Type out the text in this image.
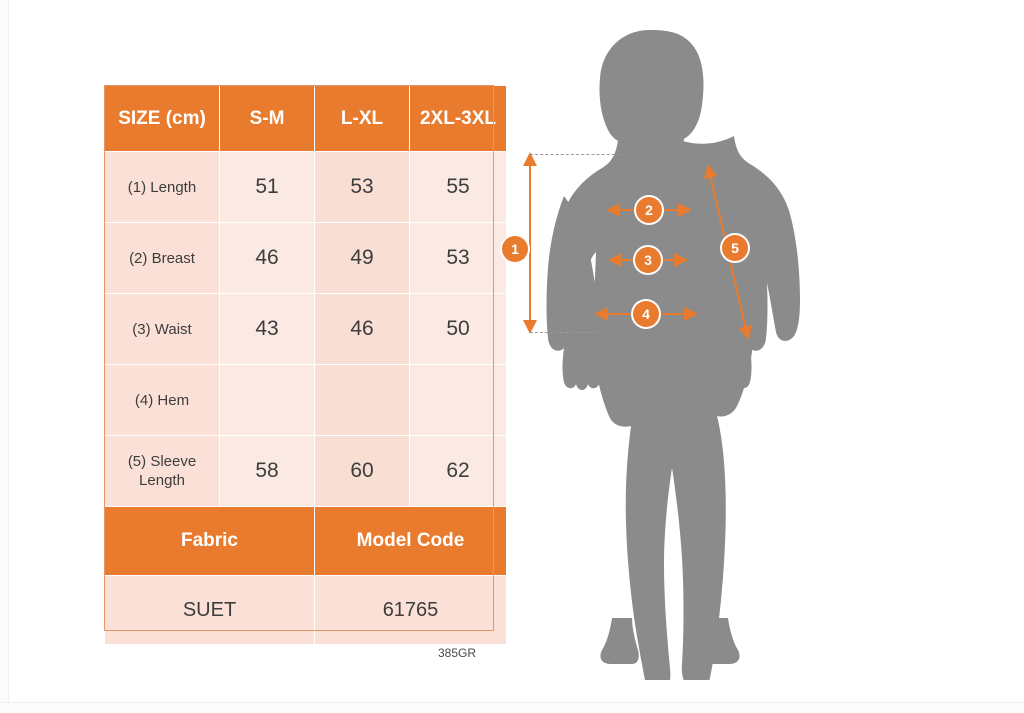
SIZE (cm)	S-M	L-XL	2XL-3XL
(1) Length	51	53	55
(2) Breast	46	49	53
(3) Waist	43	46	50
(4) Hem			
(5) Sleeve Length	58	60	62
Fabric		Model Code	
SUET		61765	
385GR
1
2
3
4
5
